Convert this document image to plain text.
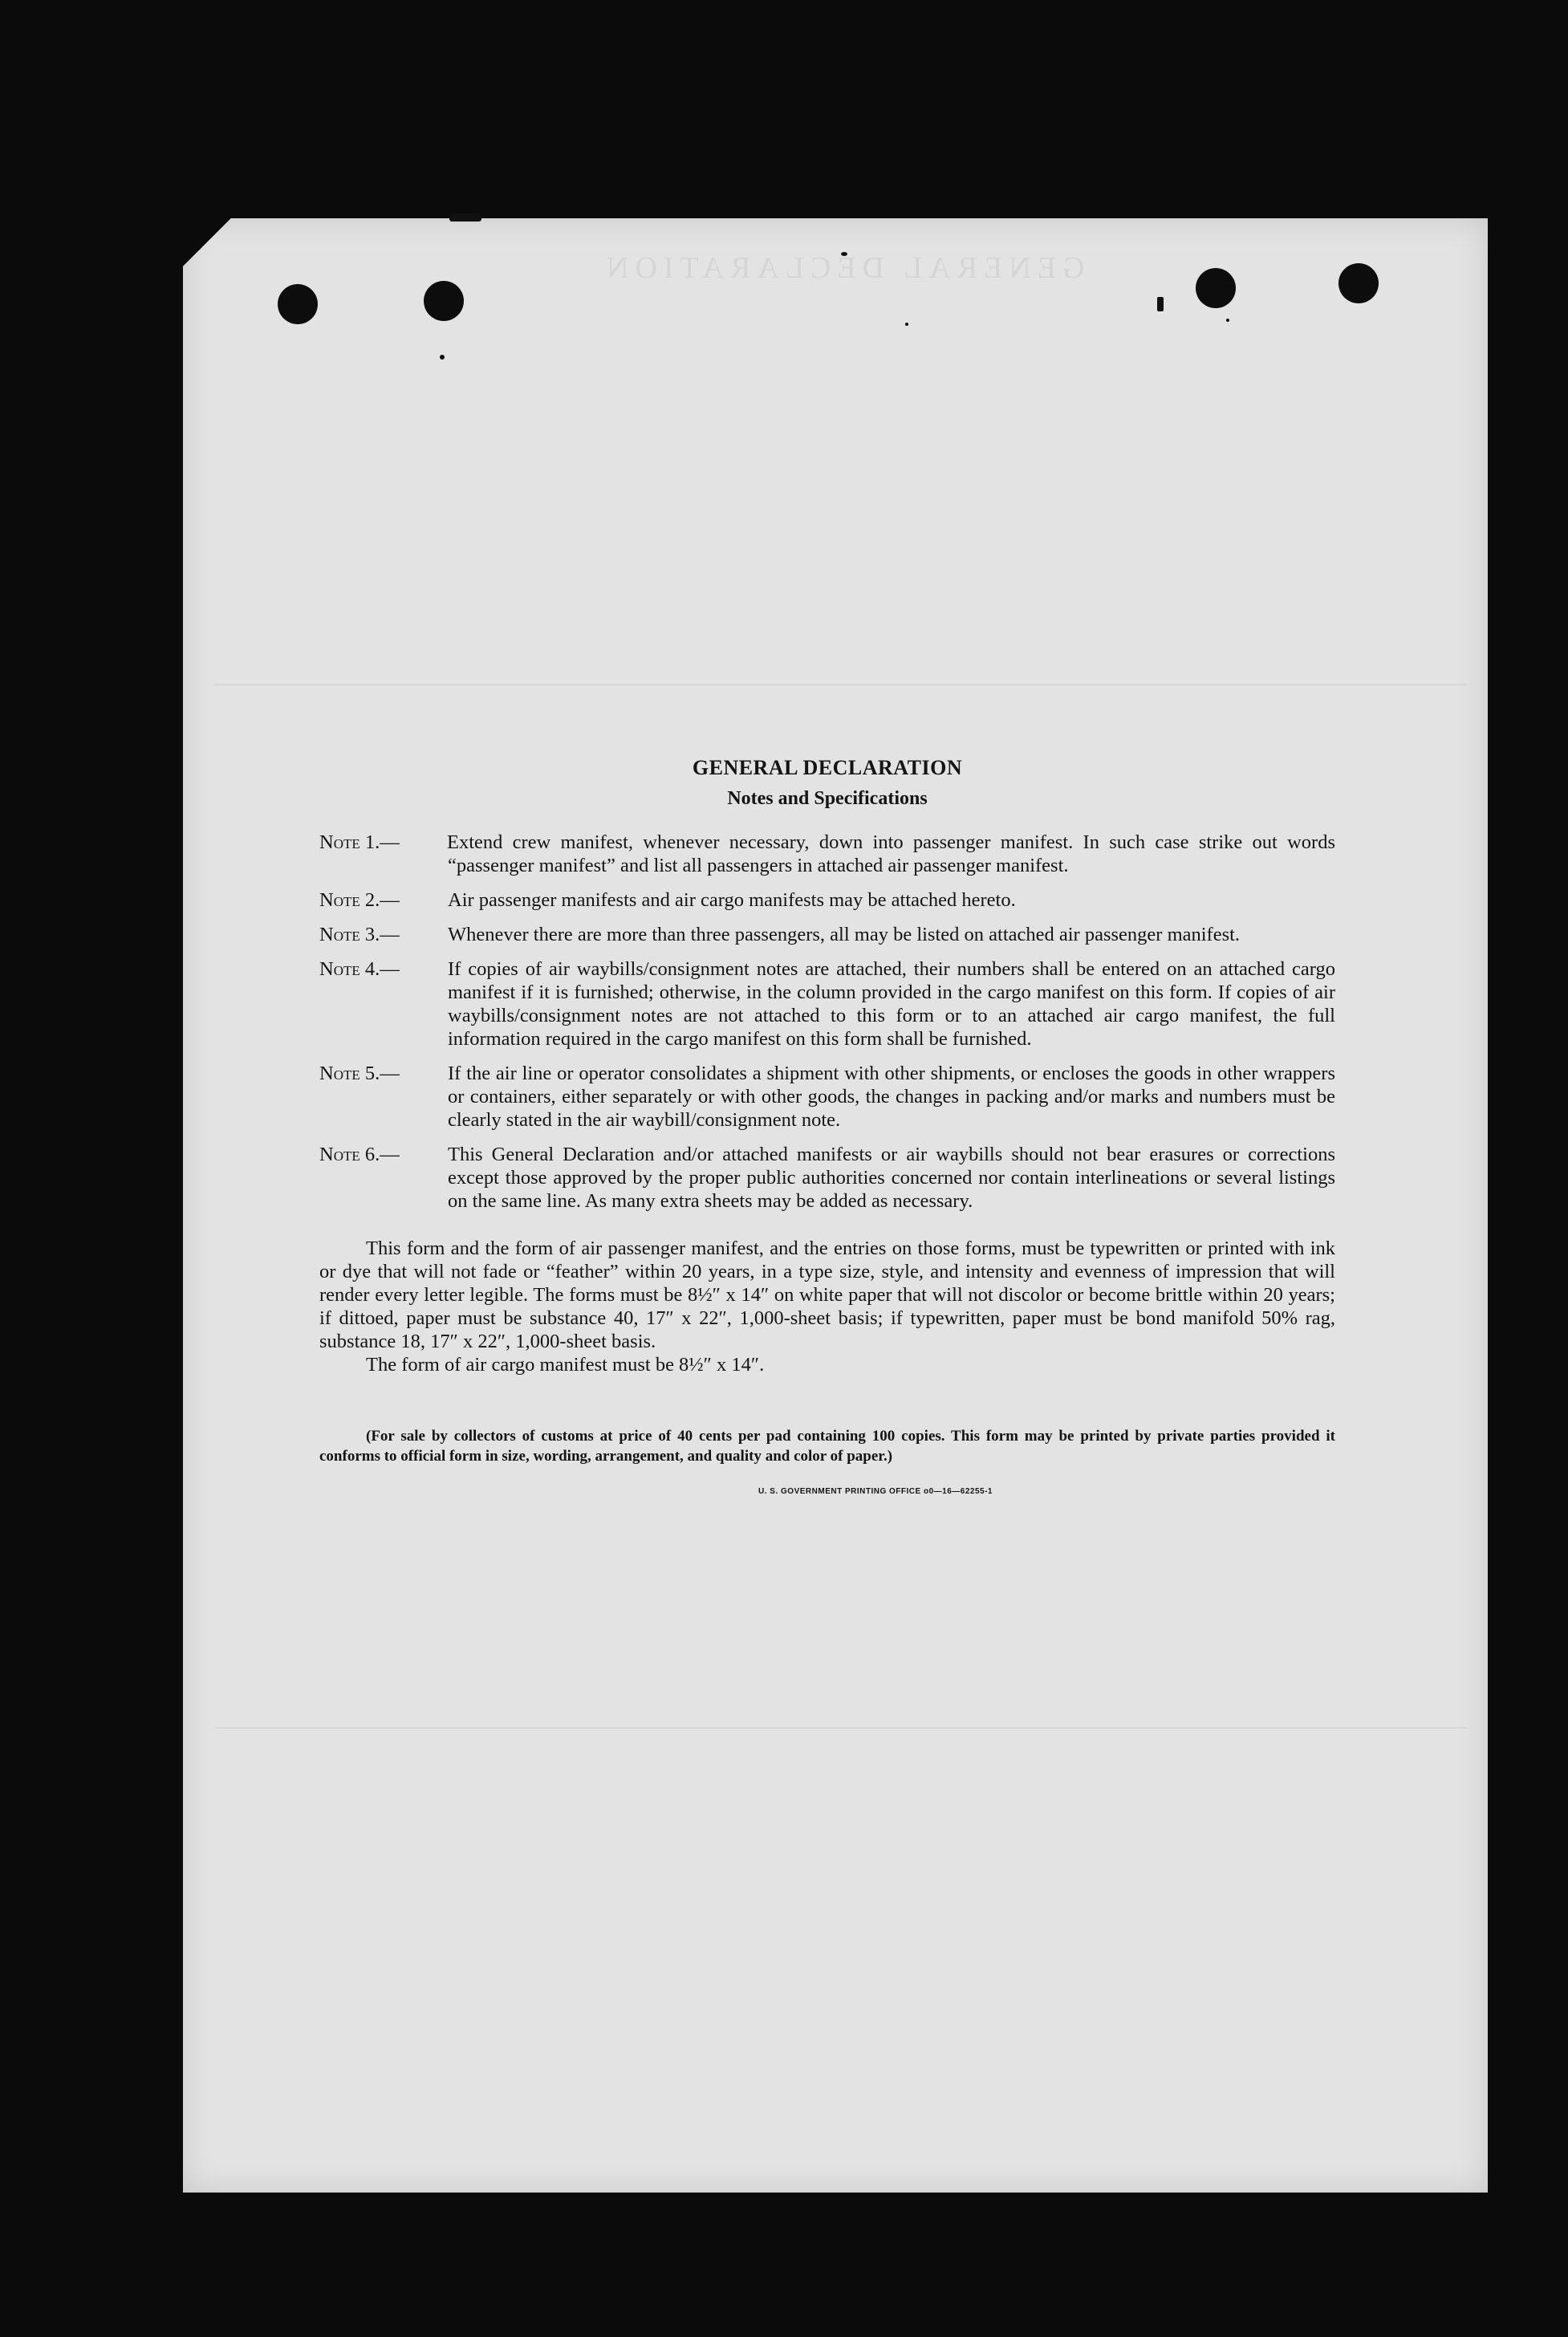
GENERAL DECLARATION
GENERAL DECLARATION
Notes and Specifications
Note 1.— Extend crew manifest, whenever necessary, down into passenger manifest. In such case strike out words “passenger manifest” and list all passengers in attached air passenger manifest.
Note 2.— Air passenger manifests and air cargo manifests may be attached hereto.
Note 3.— Whenever there are more than three passengers, all may be listed on attached air passenger manifest.
Note 4.— If copies of air waybills/consignment notes are attached, their numbers shall be entered on an attached cargo manifest if it is furnished; otherwise, in the column provided in the cargo manifest on this form. If copies of air waybills/consignment notes are not attached to this form or to an attached air cargo manifest, the full information required in the cargo manifest on this form shall be furnished.
Note 5.— If the air line or operator consolidates a shipment with other shipments, or encloses the goods in other wrappers or containers, either separately or with other goods, the changes in packing and/or marks and numbers must be clearly stated in the air waybill/consignment note.
Note 6.— This General Declaration and/or attached manifests or air waybills should not bear erasures or corrections except those approved by the proper public authorities concerned nor contain interlineations or several listings on the same line. As many extra sheets may be added as necessary.

This form and the form of air passenger manifest, and the entries on those forms, must be typewritten or printed with ink or dye that will not fade or “feather” within 20 years, in a type size, style, and intensity and evenness of impression that will render every letter legible. The forms must be 8½″ x 14″ on white paper that will not discolor or become brittle within 20 years; if dittoed, paper must be substance 40, 17″ x 22″, 1,000-sheet basis; if typewritten, paper must be bond manifold 50% rag, substance 18, 17″ x 22″, 1,000-sheet basis.

The form of air cargo manifest must be 8½″ x 14″.

(For sale by collectors of customs at price of 40 cents per pad containing 100 copies. This form may be printed by private parties provided it conforms to official form in size, wording, arrangement, and quality and color of paper.)

U. S. GOVERNMENT PRINTING OFFICE o0—16—62255-1
